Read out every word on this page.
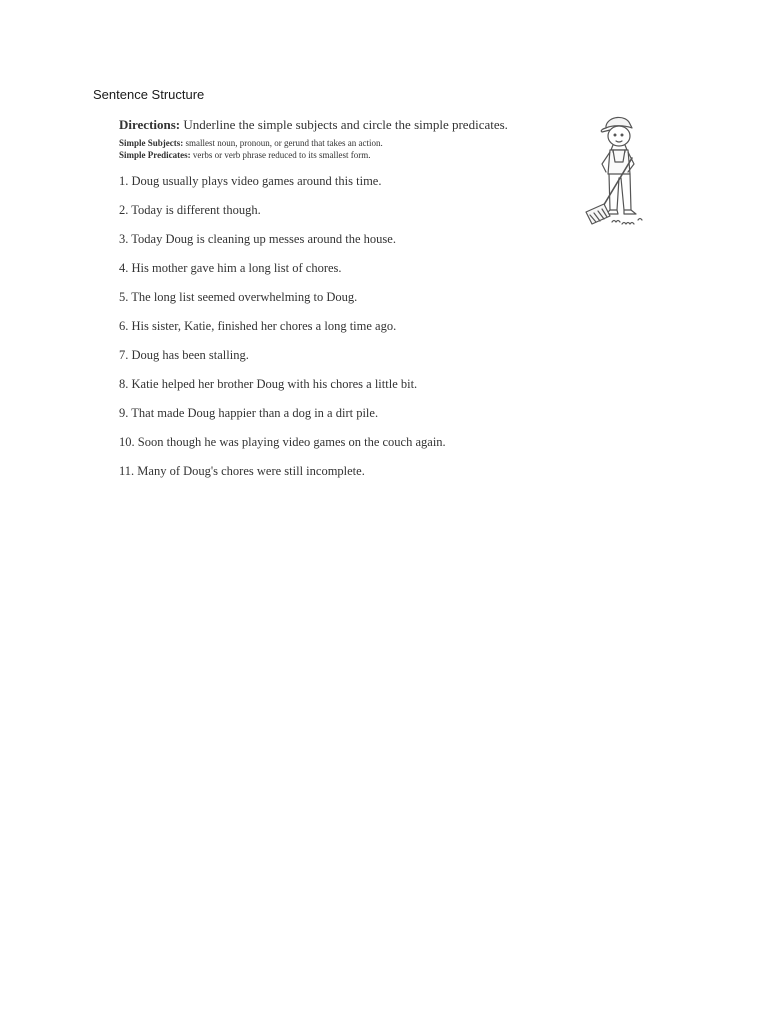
Sentence Structure

Directions: Underline the simple subjects and circle the simple predicates.

Simple Subjects: smallest noun, pronoun, or gerund that takes an action.

Simple Predicates: verbs or verb phrase reduced to its smallest form.

1. Doug usually plays video games around this time.
2. Today is different though.
3. Today Doug is cleaning up messes around the house.
4. His mother gave him a long list of chores.
5. The long list seemed overwhelming to Doug.
6. His sister, Katie, finished her chores a long time ago.
7. Doug has been stalling.
8. Katie helped her brother Doug with his chores a little bit.
9. That made Doug happier than a dog in a dirt pile.
10. Soon though he was playing video games on the couch again.
11. Many of Doug's chores were still incomplete.
